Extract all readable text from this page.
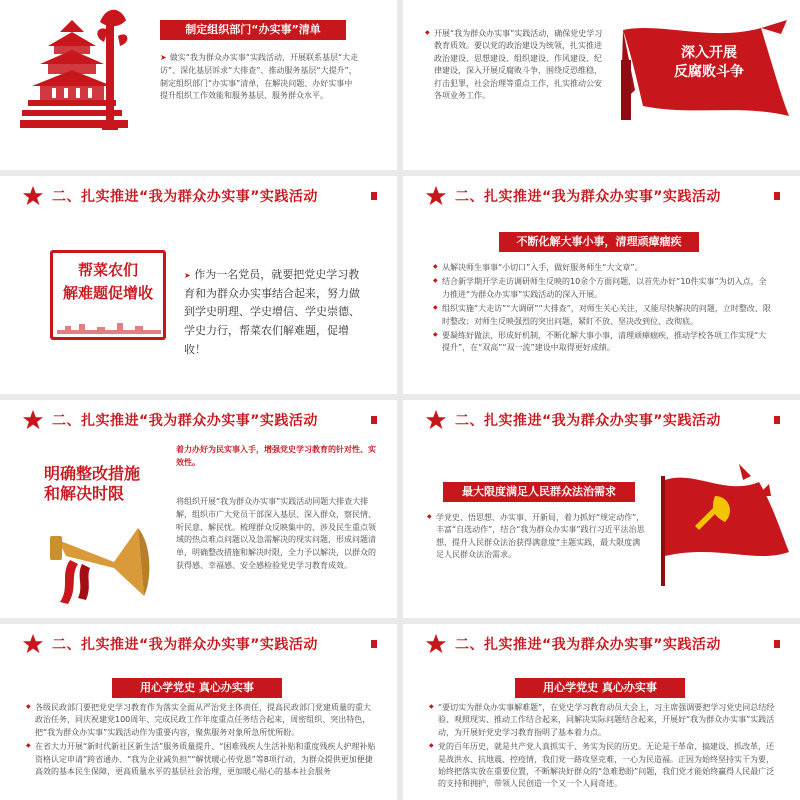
制定组织部门“办实事”清单

➤ 做实“我为群众办实事”实践活动，开展联系基层“大走访”、深化基层诉求“大排查”、推动服务基层“大提升”，制定组织部门“办实事”清单，在解决问题、办好实事中提升组织工作效能和服务基层、服务群众水平。

◆ 开展“我为群众办实事”实践活动，确保党史学习教育质效。要以党的政治建设为统领，扎实推进政治建设、思想建设、组织建设、作风建设、纪律建设，深入开展反腐败斗争，围绕反恐维稳，打击犯罪，社会治理等重点工作，扎实推动公安各项业务工作。
深入开展
反腐败斗争
二、扎实推进“我为群众办实事”实践活动
帮菜农们
解难题促增收

➤ 作为一名党员，就要把党史学习教育和为群众办实事结合起来，努力做到学史明理、学史增信、学史崇德、学史力行，帮菜农们解难题，促增收！

二、扎实推进“我为群众办实事”实践活动
不断化解大事小事，清理顽瘴痼疾
◆ 从解决师生事事“小切口”入手，做好服务师生“大文章”。
◆ 结合新学期开学走访调研师生反映的10余个方面问题，以首先办好“10件实事”为切入点，全力推进“为群众办实事”实践活动的深入开展。
◆ 组织实施“大走访”“大调研”“大排查”，对师生关心关注，又能尽快解决的问题，立时整改、限时整改；对师生反映强烈的突出问题，紧盯不放、坚决改到位、改彻底。
◆ 要凝练好做法，形成好机制，不断化解大事小事，清理顽瘴痼疾，推动学校各项工作实现“大提升”，在“双高”“双一流”建设中取得更好成绩。
二、扎实推进“我为群众办实事”实践活动
明确整改措施
和解决时限
着力办好为民实事入手，增强党史学习教育的针对性、实效性。
将组织开展“我为群众办实事”实践活动同题大排查大排解，组织市广大党员干部深入基层、深入群众，察民情、听民意、解民忧。梳理群众反映集中的、涉及民生重点领域的热点难点问题以及急需解决的现实问题，形成问题清单，明确整改措施和解决时限，全力予以解决，以群众的获得感、幸福感、安全感检验党史学习教育成效。
二、扎实推进“我为群众办实事”实践活动
最大限度满足人民群众法治需求
◆ 学党史、悟思想、办实事、开新局，着力抓好“规定动作”，丰富“自选动作”，结合“我为群众办实事”践行习近平法治思想，提升人民群众法治获得满意度“主题实践，最大限度满足人民群众法治需求。
二、扎实推进“我为群众办实事”实践活动
用心学党史 真心办实事
◆ 各级民政部门要把党史学习教育作为落实全面从严治党主体责任，提高民政部门党建质量的重大政治任务，同庆祝建党100周年、完成民政工作年度重点任务结合起来，周密组织、突出特色，把“我为群众办实事”实践活动作为重要内容，聚焦服务对象所急所忧所盼。
◆ 在省大力开展“新时代新社区新生活”服务质量提升、“困难残疾人生活补贴和重度残疾人护理补贴资格认定申请”跨省通办、“我为企业减负担”“解忧暖心传党恩”等8项行动，为群众提供更加便捷高效的基本民生保障，更高质量水平的基层社会治理，更加暖心贴心的基本社会服务
二、扎实推进“我为群众办实事”实践活动
用心学党史 真心办实事
◆ “要切实为群众办实事解难题”，在党史学习教育动员大会上，习主席强调要把学习党史同总结经验、观照现实、推动工作结合起来，同解决实际问题结合起来，开展好“我为群众办实事”实践活动，为开展好党史学习教育指明了基本着力点。
◆ 党的百年历史，就是共产党人真抓实干、务实为民的历史。无论是干革命、搞建设、抓改革，还是战洪水、抗地震、控疫情，我们党一路攻坚克难，一心为民造福。正因为始终坚持实干为要，始终把落实放在重要位置，不断解决好群众的“急难愁盼”问题，我们党才能始终赢得人民最广泛的支持和拥护，带领人民创造一个又一个人间奇迹。
